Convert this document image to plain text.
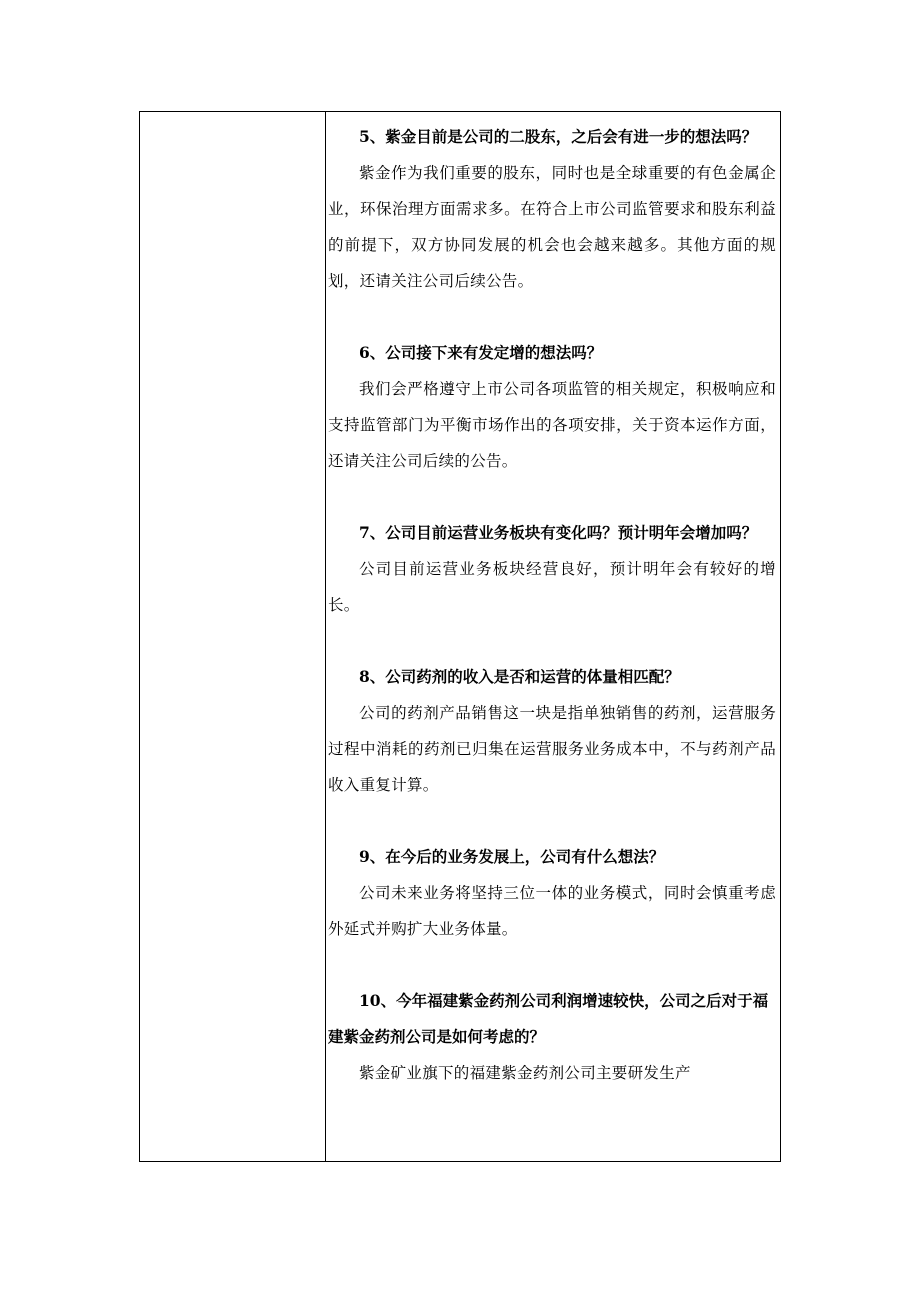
5、紫金目前是公司的二股东，之后会有进一步的想法吗？

紫金作为我们重要的股东，同时也是全球重要的有色金属企业，环保治理方面需求多。在符合上市公司监管要求和股东利益的前提下，双方协同发展的机会也会越来越多。其他方面的规划，还请关注公司后续公告。

6、公司接下来有发定增的想法吗？

我们会严格遵守上市公司各项监管的相关规定，积极响应和支持监管部门为平衡市场作出的各项安排，关于资本运作方面，还请关注公司后续的公告。

7、公司目前运营业务板块有变化吗？预计明年会增加吗？

公司目前运营业务板块经营良好，预计明年会有较好的增长。

8、公司药剂的收入是否和运营的体量相匹配？

公司的药剂产品销售这一块是指单独销售的药剂，运营服务过程中消耗的药剂已归集在运营服务业务成本中，不与药剂产品收入重复计算。

9、在今后的业务发展上，公司有什么想法？

公司未来业务将坚持三位一体的业务模式，同时会慎重考虑外延式并购扩大业务体量。

10、今年福建紫金药剂公司利润增速较快，公司之后对于福建紫金药剂公司是如何考虑的？

紫金矿业旗下的福建紫金药剂公司主要研发生产
